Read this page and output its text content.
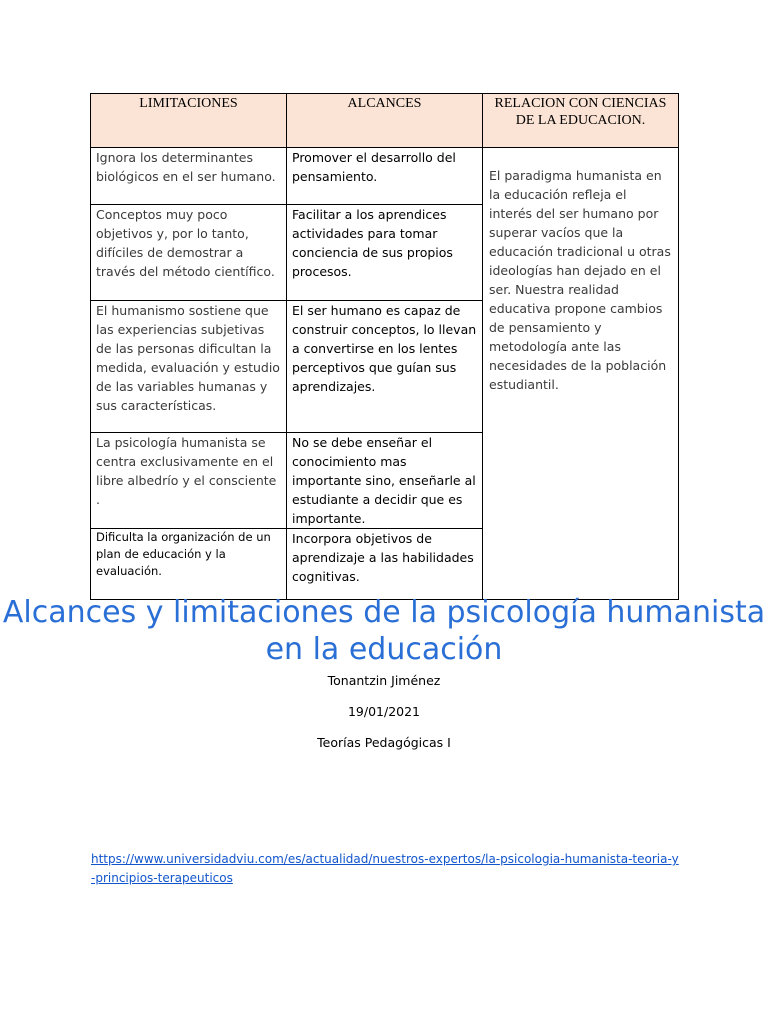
LIMITACIONES	ALCANCES	RELACION CON CIENCIAS DE LA EDUCACION.
Ignora los determinantes biológicos en el ser humano.	Promover el desarrollo del pensamiento.	El paradigma humanista en la educación refleja el interés del ser humano por superar vacíos que la educación tradicional u otras ideologías han dejado en el ser. Nuestra realidad educativa propone cambios de pensamiento y metodología ante las necesidades de la población estudiantil.
Conceptos muy poco objetivos y, por lo tanto, difíciles de demostrar a través del método científico.	Facilitar a los aprendices actividades para tomar conciencia de sus propios procesos.	
El humanismo sostiene que las experiencias subjetivas de las personas dificultan la medida, evaluación y estudio de las variables humanas y sus características.	El ser humano es capaz de construir conceptos, lo llevan a convertirse en los lentes perceptivos que guían sus aprendizajes.	
La psicología humanista se centra exclusivamente en el libre albedrío y el consciente .	No se debe enseñar el conocimiento mas importante sino, enseñarle al estudiante a decidir que es importante.	
Dificulta la organización de un plan de educación y la evaluación.	Incorpora objetivos de aprendizaje a las habilidades cognitivas.	
Alcances y limitaciones de la psicología humanista en la educación
Tonantzin Jiménez
19/01/2021
Teorías Pedagógicas I
https://www.universidadviu.com/es/actualidad/nuestros-expertos/la-psicologia-humanista-teoria-y-principios-terapeuticos
